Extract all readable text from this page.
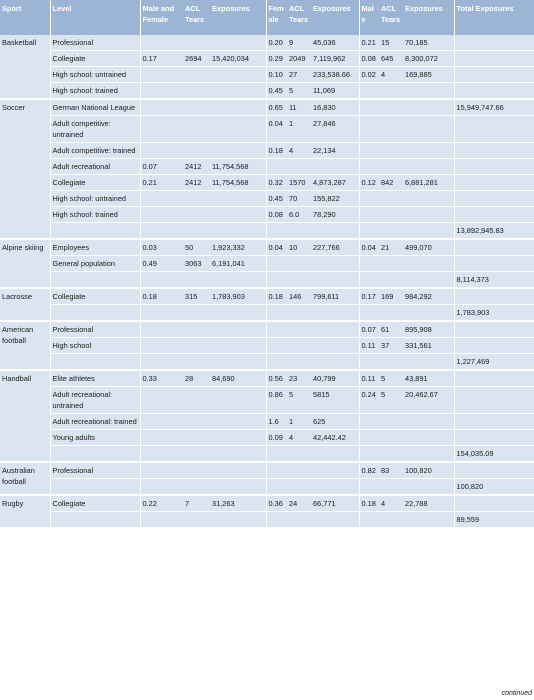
Sport	Level	Male and Female	ACL Tears	Exposures	Female	ACL Tears	Exposures	Male	ACL Tears	Exposures	Total Exposures
Basketball	Professional				0.20	9	45,036	0.21	15	70,185	
	Collegiate	0.17	2694	15,420,034	0.29	2049	7,119,962	0.08	645	8,300,072	
	High school: untrained				0.10	27	233,538.66	0.02	4	169,885	
	High school: trained				0.45	5	11,069				
Soccer	German National League				0.65	11	16,830				15,949,747.66
	Adult competitive: untrained				0.04	1	27,846				
	Adult competitive: trained				0.18	4	22,134				
	Adult recreational	0.07	2412	11,754,568							
	Collegiate	0.21	2412	11,754,568	0.32	1570	4,873,287	0.12	842	6,881,281	
	High school: untrained				0.45	70	155,822				
	High school: trained				0.08	6.0	78,290				
											13,892,945.83
Alpine skiing	Employees	0.03	50	1,923,332	0.04	10	227,766	0.04	21	499,070	
	General population	0.49	3063	6,191,041							
											8,114,373
Lacrosse	Collegiate	0.18	315	1,783,903	0.18	146	799,611	0.17	169	984,292	
											1,783,903
American football	Professional							0.07	61	895,908	
	High school							0.11	37	331,561	
											1,227,469
Handball	Elite athletes	0.33	28	84,690	0.56	23	40,799	0.11	5	43,891	
	Adult recreational: untrained				0.86	5	5815	0.24	5	20,462.67	
	Adult recreational: trained				1.6	1	625				
	Young adults				0.09	4	42,442.42				
											154,035.09
Australian football	Professional							0.82	83	100,820	
											100,820
Rugby	Collegiate	0.22	7	31,263	0.36	24	66,771	0.18	4	22,788	
											89,559
continued
